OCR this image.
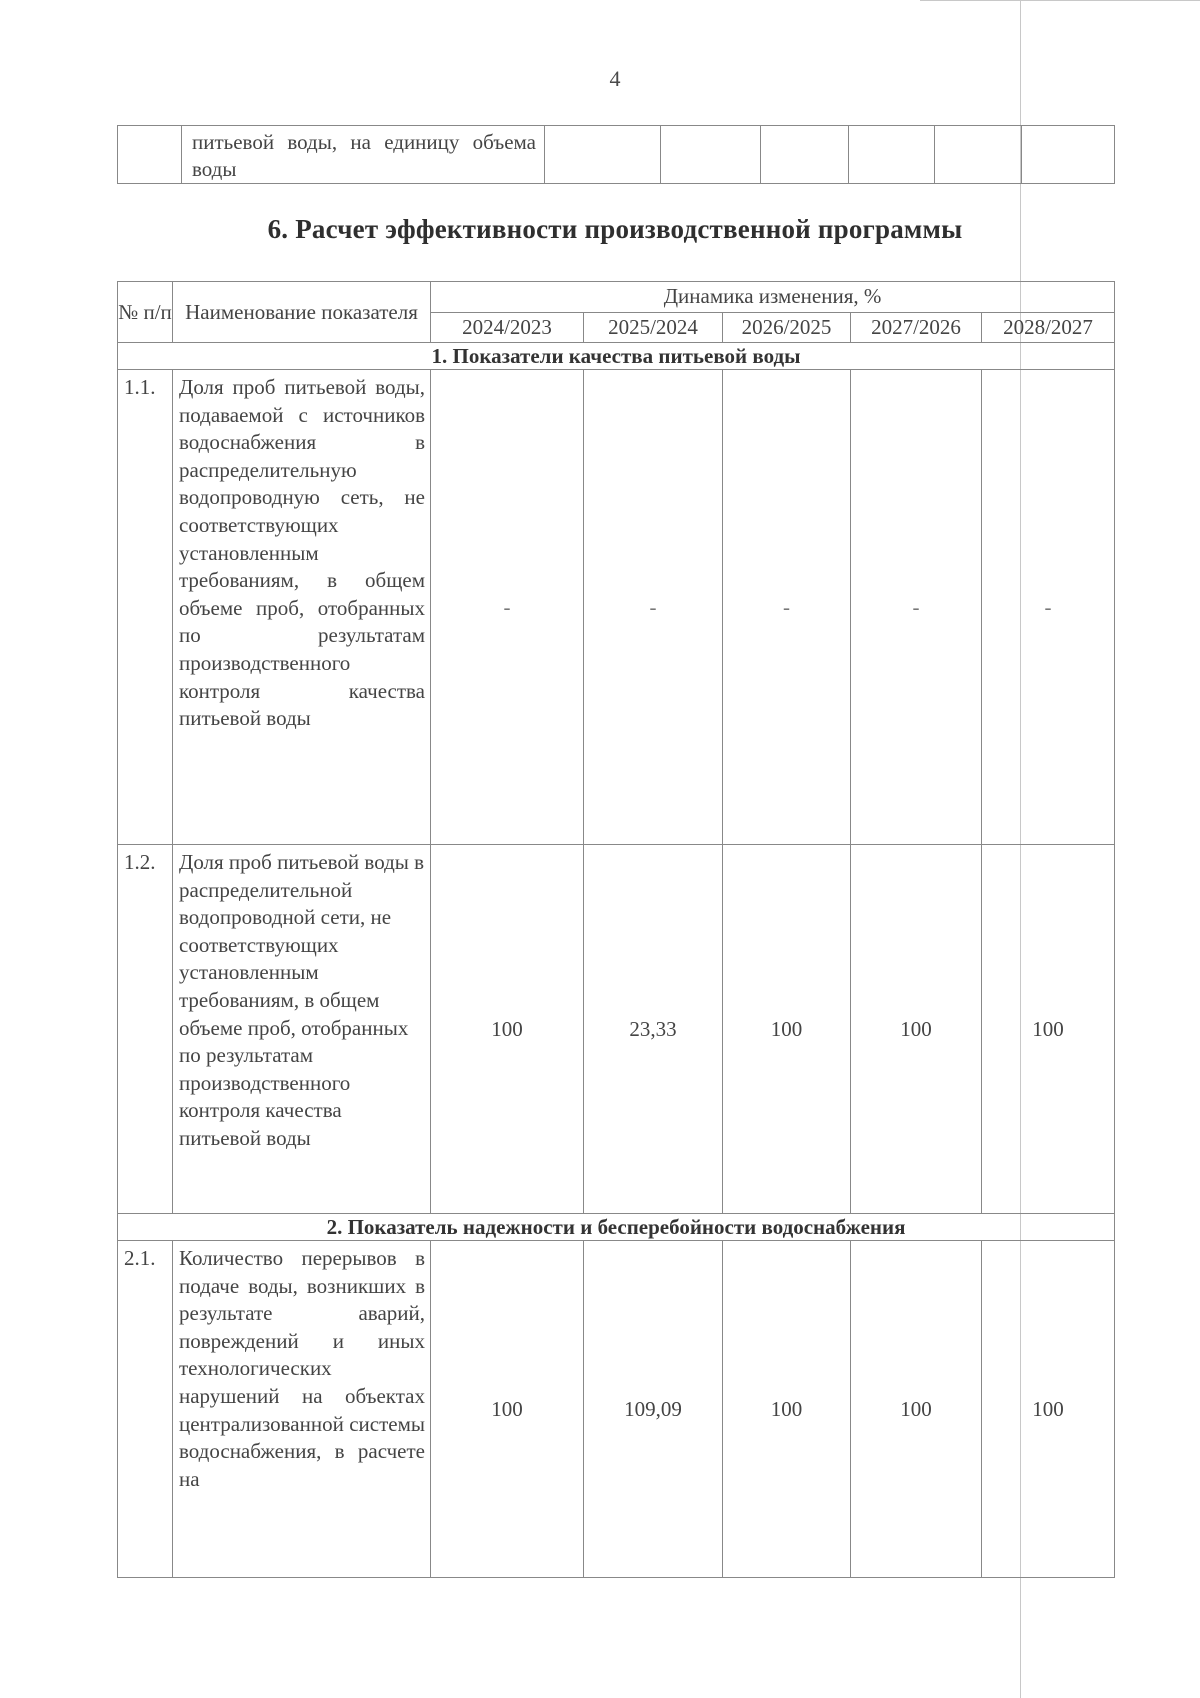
4
	питьевой воды, на единицу объема воды						
6. Расчет эффективности производственной программы
№ п/п	Наименование показателя	Динамика изменения, %				
		2024/2023	2025/2024	2026/2025	2027/2026	2028/2027
1. Показатели качества питьевой воды						
1.1.	Доля проб питьевой воды, подаваемой с источников водоснабжения в распределительную водопроводную сеть, не соответствующих установленным требованиям, в общем объеме проб, отобранных по результатам производственного контроля качества питьевой воды	-	-	-	-	-
1.2.	Доля проб питьевой воды в распределительной водопроводной сети, не соответствующих установленным требованиям, в общем объеме проб, отобранных по результатам производственного контроля качества питьевой воды	100	23,33	100	100	100
2. Показатель надежности и бесперебойности водоснабжения						
2.1.	Количество перерывов в подаче воды, возникших в результате аварий, повреждений и иных технологических нарушений на объектах централизованной системы водоснабжения, в расчете на	100	109,09	100	100	100
